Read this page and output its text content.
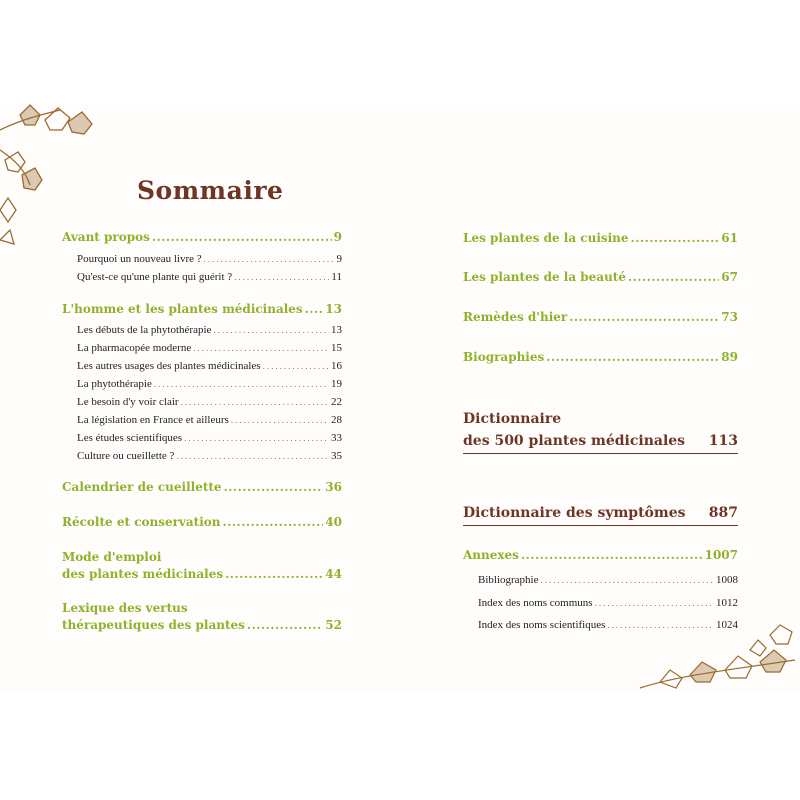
Sommaire
Avant propos .....	9
Pourquoi un nouveau livre ? .....	9
Qu'est-ce qu'une plante qui guérit ? .....	11
L'homme et les plantes médicinales ..... 13
Les débuts de la phytothérapie .....	13
La pharmacopée moderne .....	15
Les autres usages des plantes médicinales .....	16
La phytothérapie .....	19
Le besoin d'y voir clair .....	22
La législation en France et ailleurs .....	28
Les études scientifiques .....	33
Culture ou cueillette ? .....	35
Calendrier de cueillette .....	36
Récolte et conservation .....	40
Mode d'emploi
des plantes médicinales .....	44
Lexique des vertus
thérapeutiques des plantes .....	52
Les plantes de la cuisine .....	61
Les plantes de la beauté .....	67
Remèdes d'hier .....	73
Biographies .....	89
Dictionnaire
des 500 plantes médicinales	113
Dictionnaire des symptômes	887
Annexes .....	1007
Bibliographie .....	1008
Index des noms communs .....	1012
Index des noms scientifiques .....	1024
